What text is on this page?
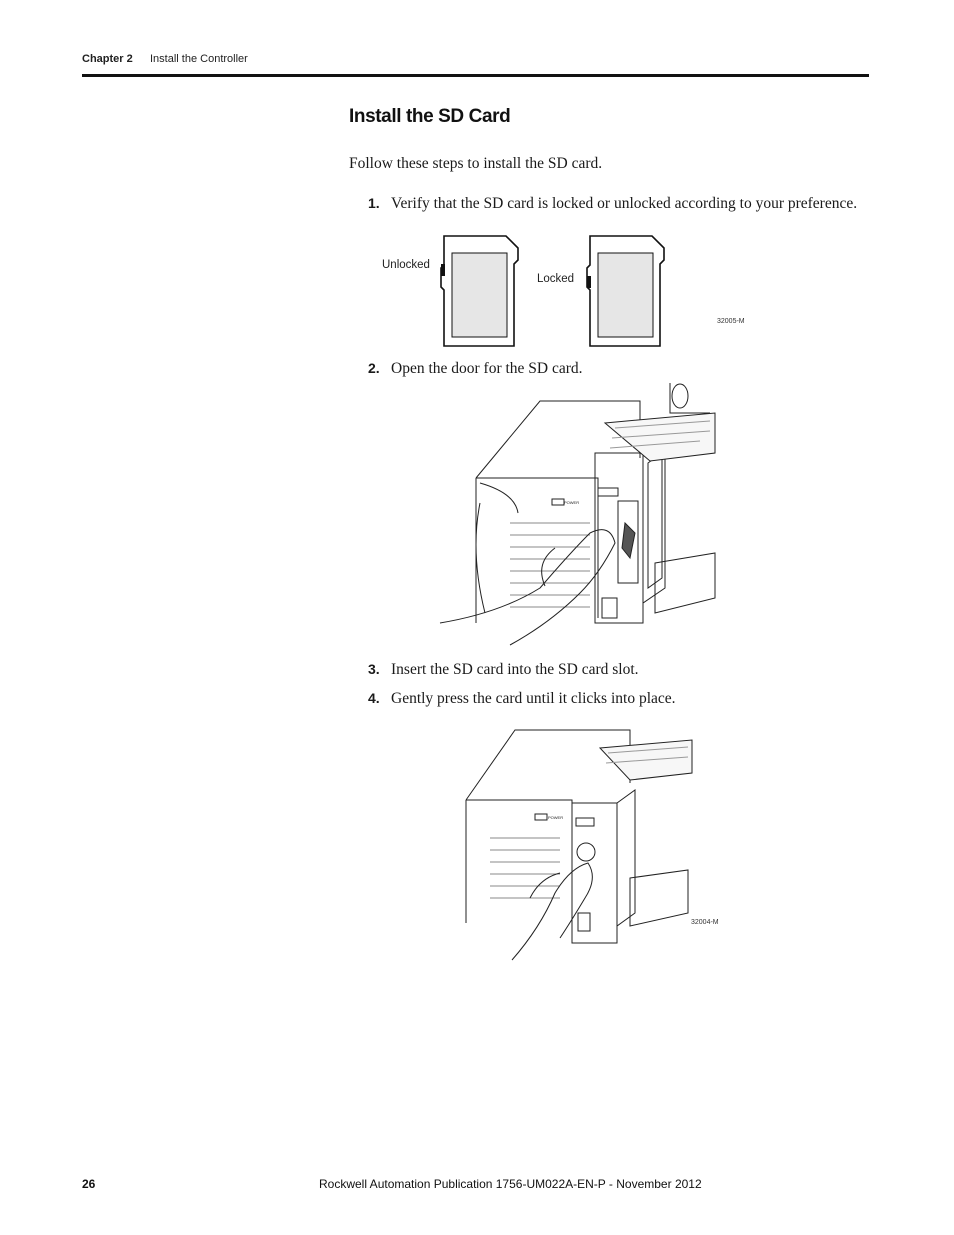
Chapter 2 Install the Controller
Install the SD Card
Follow these steps to install the SD card.
1. Verify that the SD card is locked or unlocked according to your preference.
Unlocked
Locked
32005-M
2. Open the door for the SD card.
POWER
3. Insert the SD card into the SD card slot.
4. Gently press the card until it clicks into place.
POWER
32004-M
26	Rockwell Automation Publication 1756-UM022A-EN-P - November 2012
